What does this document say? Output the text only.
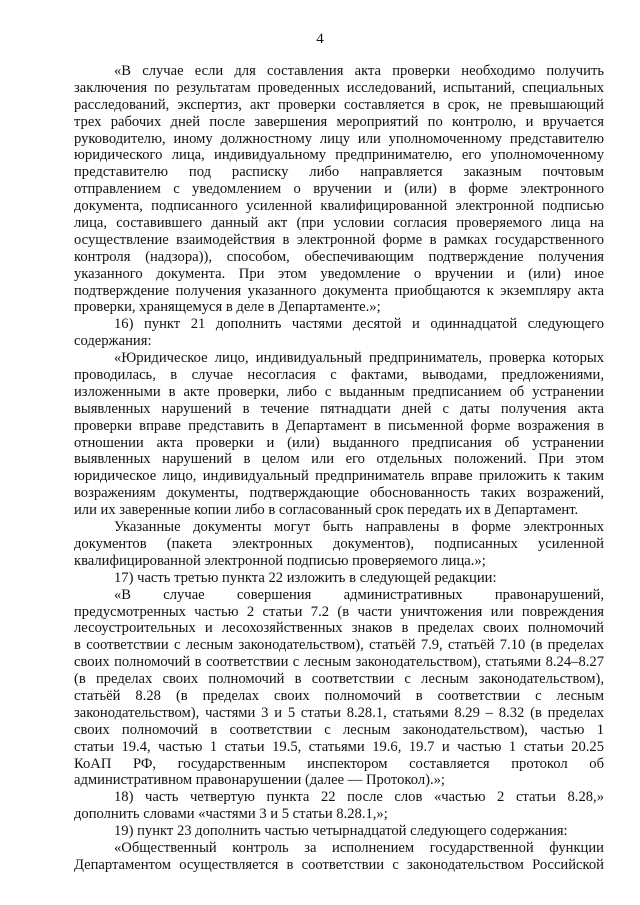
4
«В случае если для составления акта проверки необходимо получить
заключения по результатам проведенных исследований, испытаний, специальных
расследований, экспертиз, акт проверки составляется в срок, не превышающий
трех рабочих дней после завершения мероприятий по контролю, и вручается
руководителю, иному должностному лицу или уполномоченному представителю
юридического лица, индивидуальному предпринимателю, его уполномоченному
представителю под расписку либо направляется заказным почтовым
отправлением с уведомлением о вручении и (или) в форме электронного
документа, подписанного усиленной квалифицированной электронной подписью
лица, составившего данный акт (при условии согласия проверяемого лица на
осуществление взаимодействия в электронной форме в рамках государственного
контроля (надзора)), способом, обеспечивающим подтверждение получения
указанного документа. При этом уведомление о вручении и (или) иное
подтверждение получения указанного документа приобщаются к экземпляру акта
проверки, хранящемуся в деле в Департаменте.»;
16) пункт 21 дополнить частями десятой и одиннадцатой следующего
содержания:
«Юридическое лицо, индивидуальный предприниматель, проверка которых
проводилась, в случае несогласия с фактами, выводами, предложениями,
изложенными в акте проверки, либо с выданным предписанием об устранении
выявленных нарушений в течение пятнадцати дней с даты получения акта
проверки вправе представить в Департамент в письменной форме возражения в
отношении акта проверки и (или) выданного предписания об устранении
выявленных нарушений в целом или его отдельных положений. При этом
юридическое лицо, индивидуальный предприниматель вправе приложить к таким
возражениям документы, подтверждающие обоснованность таких возражений,
или их заверенные копии либо в согласованный срок передать их в Департамент.
Указанные документы могут быть направлены в форме электронных
документов (пакета электронных документов), подписанных усиленной
квалифицированной электронной подписью проверяемого лица.»;
17) часть третью пункта 22 изложить в следующей редакции:
«В случае совершения административных правонарушений,
предусмотренных частью 2 статьи 7.2 (в части уничтожения или повреждения
лесоустроительных и лесохозяйственных знаков в пределах своих полномочий
в соответствии с лесным законодательством), статьёй 7.9, статьёй 7.10 (в пределах
своих полномочий в соответствии с лесным законодательством), статьями 8.24–8.27
(в пределах своих полномочий в соответствии с лесным законодательством),
статьёй 8.28 (в пределах своих полномочий в соответствии с лесным
законодательством), частями 3 и 5 статьи 8.28.1, статьями 8.29 – 8.32 (в пределах
своих полномочий в соответствии с лесным законодательством), частью 1
статьи 19.4, частью 1 статьи 19.5, статьями 19.6, 19.7 и частью 1 статьи 20.25
КоАП РФ, государственным инспектором составляется протокол об
административном правонарушении (далее — Протокол).»;
18) часть четвертую пункта 22 после слов «частью 2 статьи 8.28,»
дополнить словами «частями 3 и 5 статьи 8.28.1,»;
19) пункт 23 дополнить частью четырнадцатой следующего содержания:
«Общественный контроль за исполнением государственной функции
Департаментом осуществляется в соответствии с законодательством Российской
